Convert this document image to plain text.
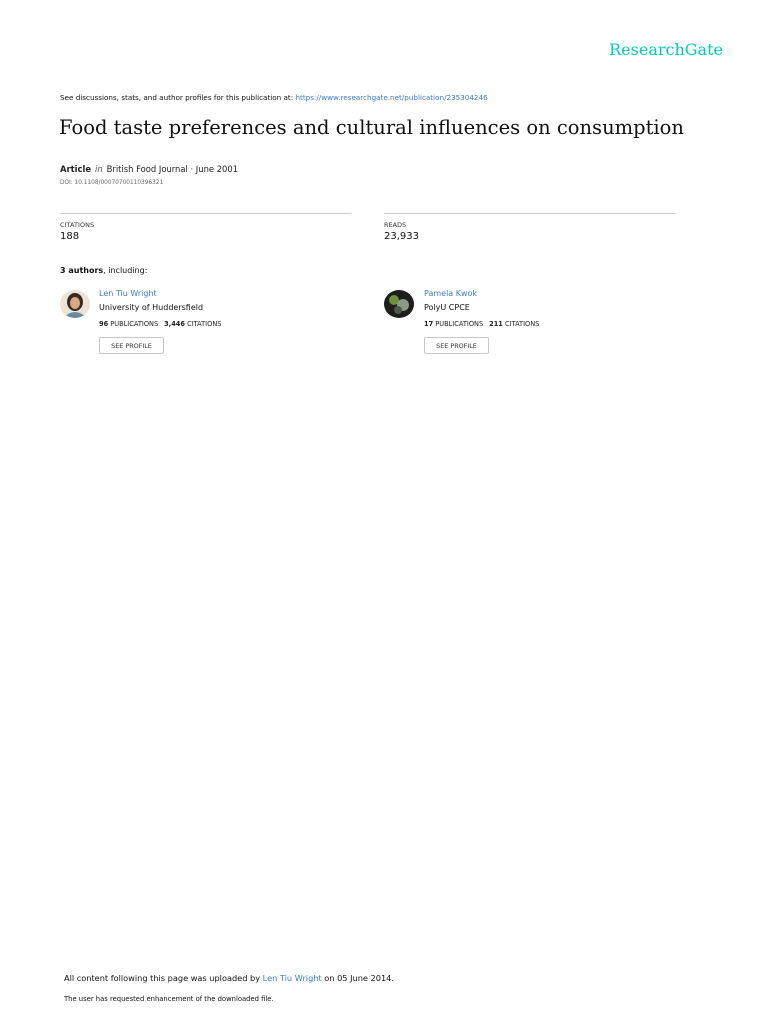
ResearchGate
See discussions, stats, and author profiles for this publication at: https://www.researchgate.net/publication/235304246
Food taste preferences and cultural influences on consumption
Article in British Food Journal · June 2001
DOI: 10.1108/00070700110396321
CITATIONS
188
READS
23,933
3 authors, including:
Len Tiu Wright
University of Huddersfield
96 PUBLICATIONS 3,446 CITATIONS
SEE PROFILE
Pamela Kwok
PolyU CPCE
17 PUBLICATIONS 211 CITATIONS
SEE PROFILE
All content following this page was uploaded by Len Tiu Wright on 05 June 2014.
The user has requested enhancement of the downloaded file.
